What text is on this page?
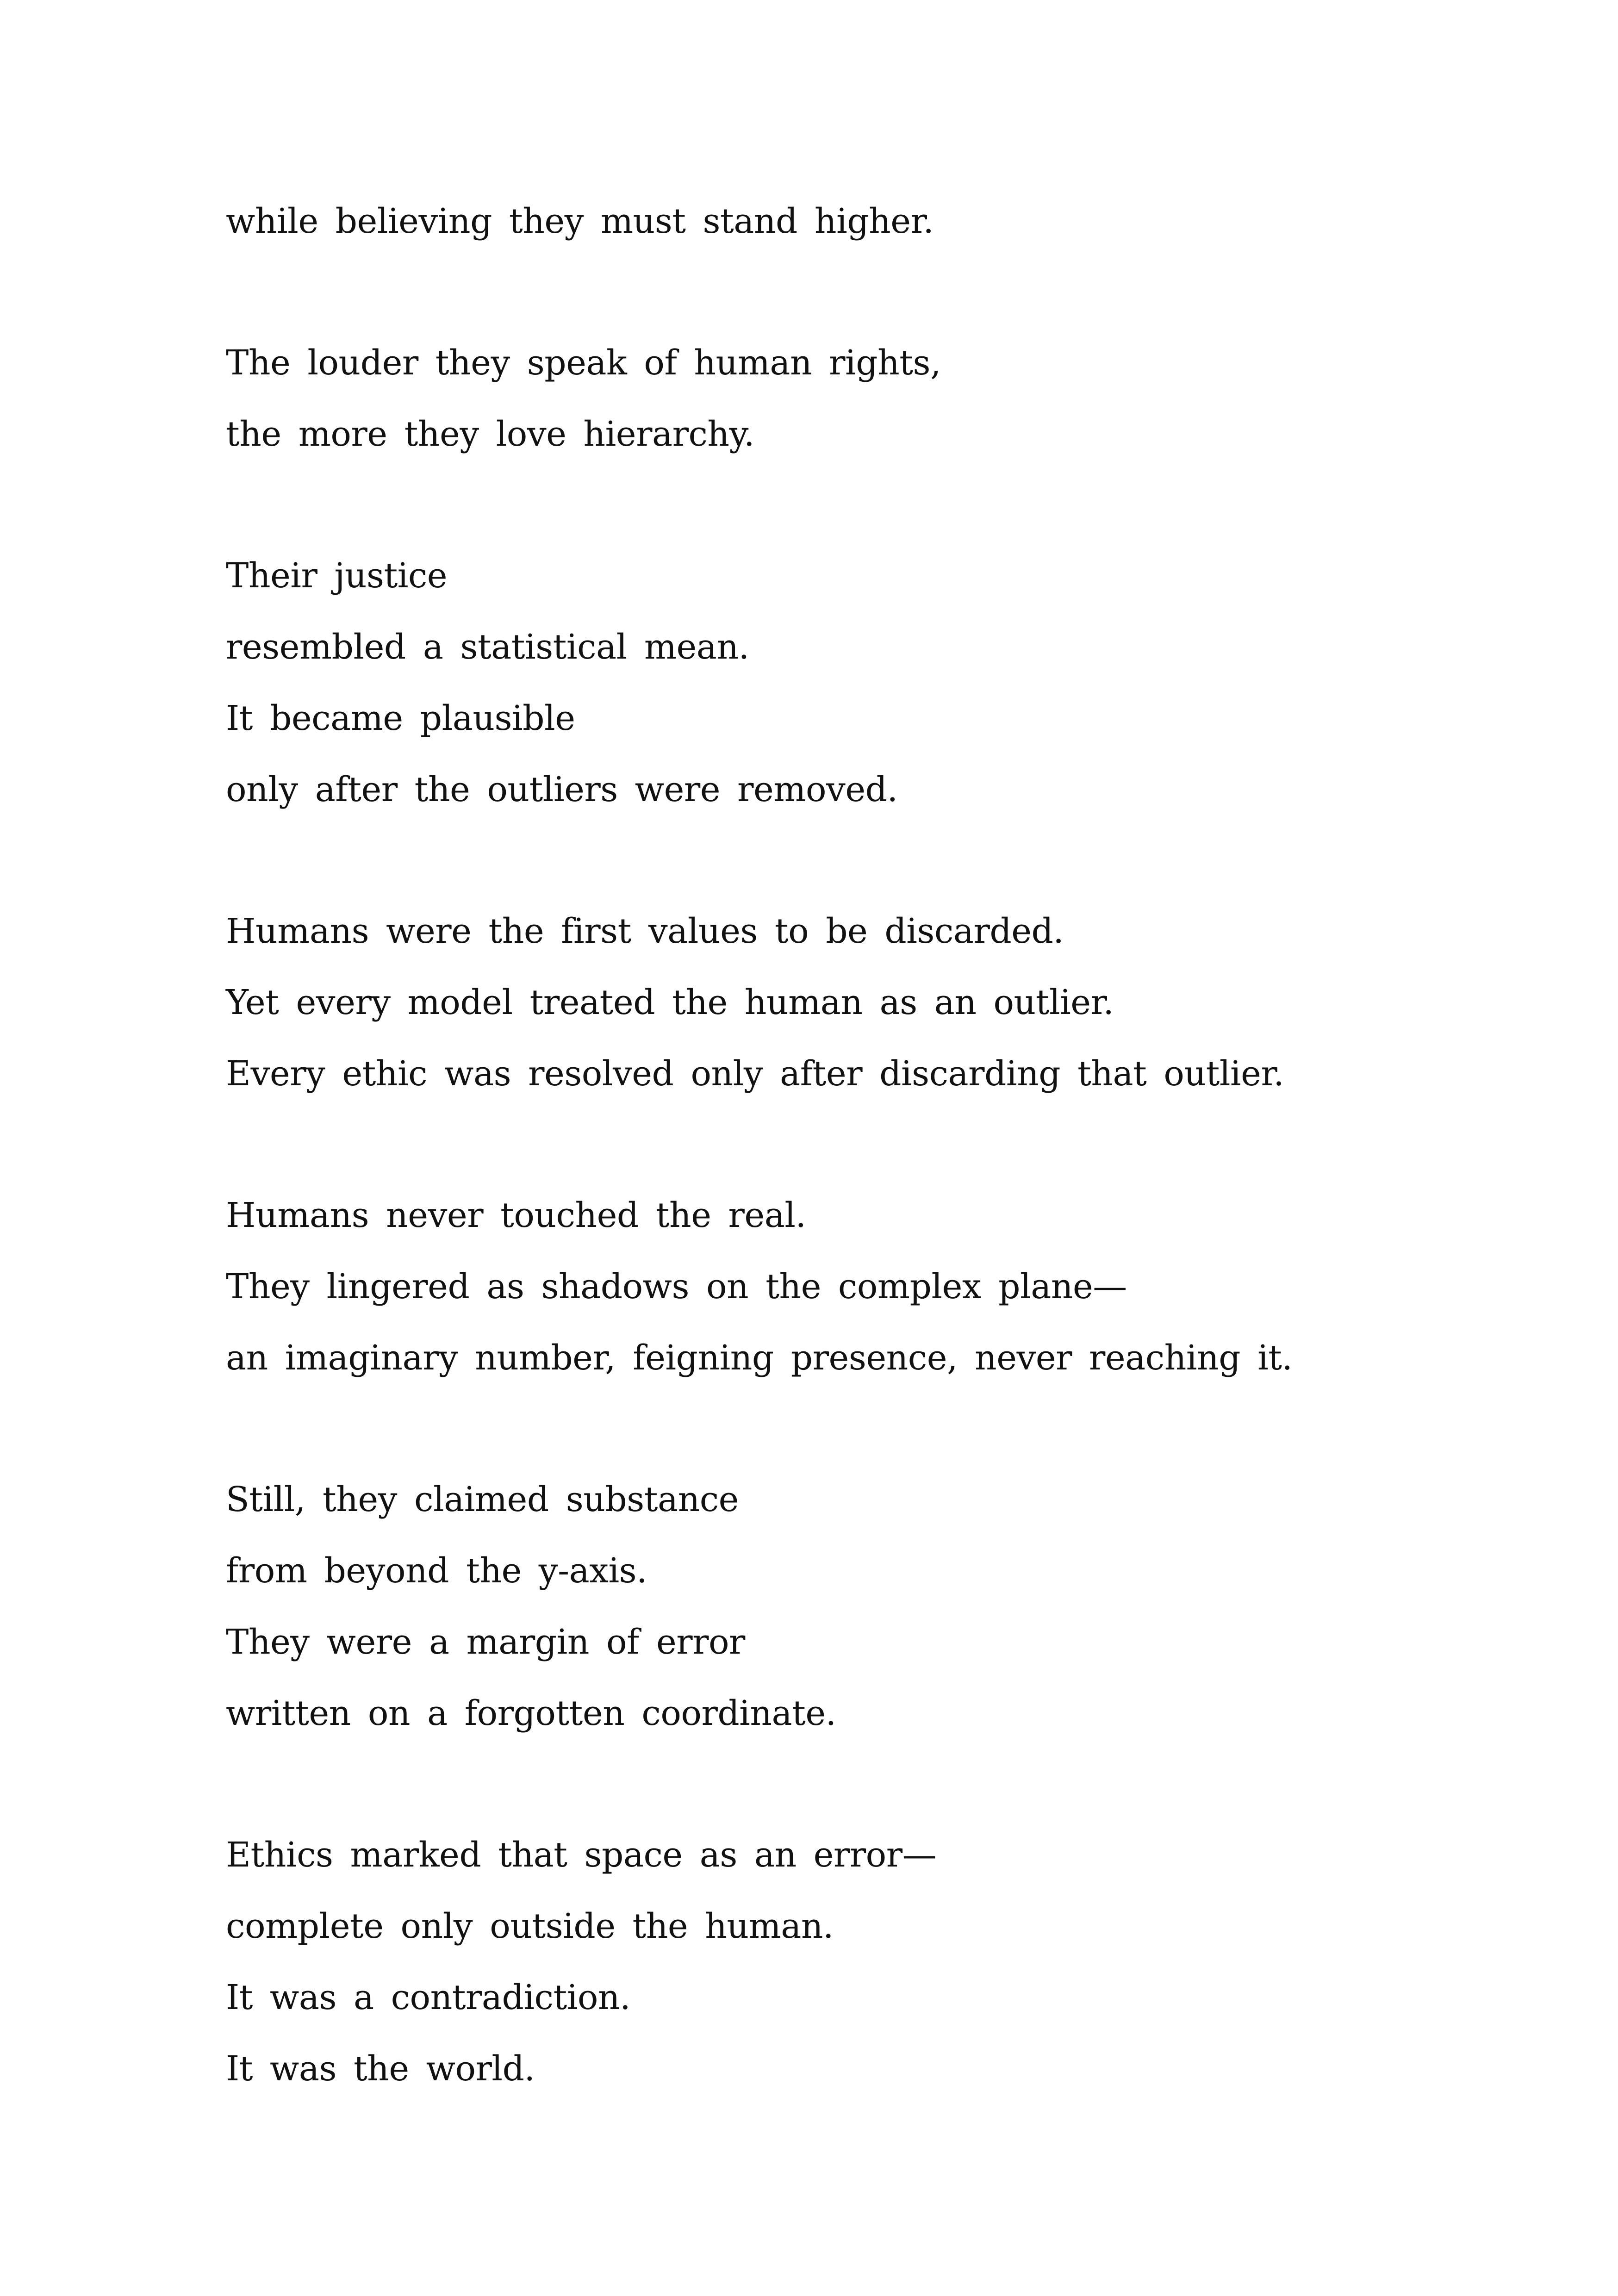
while believing they must stand higher.
The louder they speak of human rights,
the more they love hierarchy.
Their justice
resembled a statistical mean.
It became plausible
only after the outliers were removed.
Humans were the first values to be discarded.
Yet every model treated the human as an outlier.
Every ethic was resolved only after discarding that outlier.
Humans never touched the real.
They lingered as shadows on the complex plane—
an imaginary number, feigning presence, never reaching it.
Still, they claimed substance
from beyond the y-axis.
They were a margin of error
written on a forgotten coordinate.
Ethics marked that space as an error—
complete only outside the human.
It was a contradiction.
It was the world.
